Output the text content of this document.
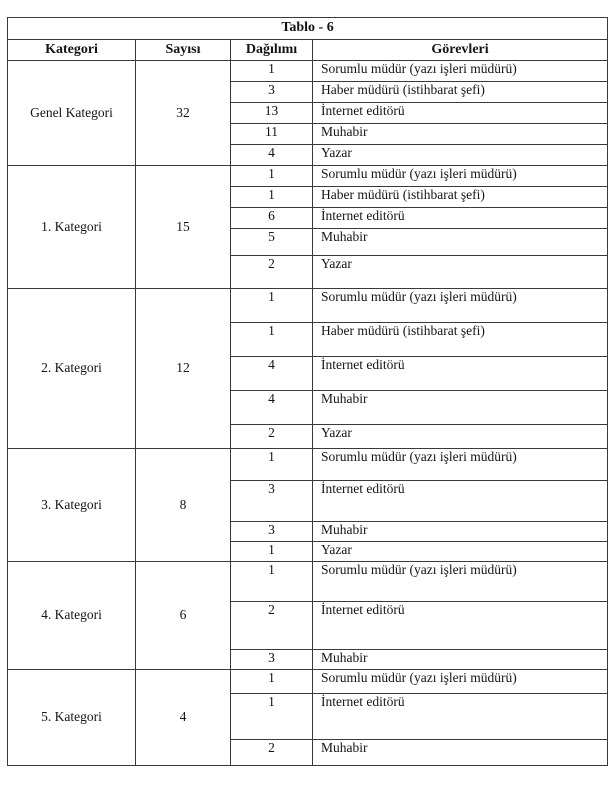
Tablo - 6			
Kategori	Sayısı	Dağılımı	Görevleri
Genel Kategori	32	1	Sorumlu müdür (yazı işleri müdürü)
		3	Haber müdürü (istihbarat şefi)
		13	İnternet editörü
		11	Muhabir
		4	Yazar
1. Kategori	15	1	Sorumlu müdür (yazı işleri müdürü)
		1	Haber müdürü (istihbarat şefi)
		6	İnternet editörü
		5	Muhabir
		2	Yazar
2. Kategori	12	1	Sorumlu müdür (yazı işleri müdürü)
		1	Haber müdürü (istihbarat şefi)
		4	İnternet editörü
		4	Muhabir
		2	Yazar
3. Kategori	8	1	Sorumlu müdür (yazı işleri müdürü)
		3	İnternet editörü
		3	Muhabir
		1	Yazar
4. Kategori	6	1	Sorumlu müdür (yazı işleri müdürü)
		2	İnternet editörü
		3	Muhabir
5. Kategori	4	1	Sorumlu müdür (yazı işleri müdürü)
		1	İnternet editörü
		2	Muhabir
